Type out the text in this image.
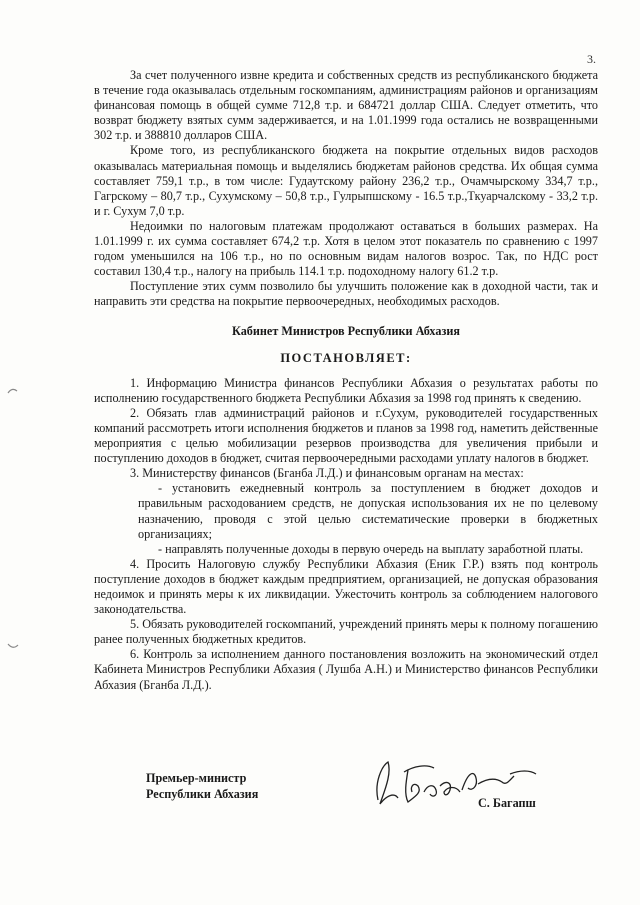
3.

За счет полученного извне кредита и собственных средств из республиканского бюджета в течение года оказывалась отдельным госкомпаниям, администрациям районов и организациям финансовая помощь в общей сумме 712,8 т.р. и 684721 доллар США. Следует отметить, что возврат бюджету взятых сумм задерживается, и на 1.01.1999 года остались не возвращенными 302 т.р. и 388810 долларов США.

Кроме того, из республиканского бюджета на покрытие отдельных видов расходов оказывалась материальная помощь и выделялись бюджетам районов средства. Их общая сумма составляет 759,1 т.р., в том числе: Гудаутскому району 236,2 т.р., Очамчырскому 334,7 т.р., Гагрскому – 80,7 т.р., Сухумскому – 50,8 т.р., Гулрыпшскому - 16.5 т.р.,Ткуарчалскому - 33,2 т.р. и г. Сухум 7,0 т.р.

Недоимки по налоговым платежам продолжают оставаться в больших размерах. На 1.01.1999 г. их сумма составляет 674,2 т.р. Хотя в целом этот показатель по сравнению с 1997 годом уменьшился на 106 т.р., но по основным видам налогов возрос. Так, по НДС рост составил 130,4 т.р., налогу на прибыль 114.1 т.р. подоходному налогу 61.2 т.р.

Поступление этих сумм позволило бы улучшить положение как в доходной части, так и направить эти средства на покрытие первоочередных, необходимых расходов.

Кабинет Министров Республики Абхазия

ПОСТАНОВЛЯЕТ:

1. Информацию Министра финансов Республики Абхазия о результатах работы по исполнению государственного бюджета Республики Абхазия за 1998 год принять к сведению.

2. Обязать глав администраций районов и г.Сухум, руководителей государственных компаний рассмотреть итоги исполнения бюджетов и планов за 1998 год, наметить действенные мероприятия с целью мобилизации резервов производства для увеличения прибыли и поступлению доходов в бюджет, считая первоочередными расходами уплату налогов в бюджет.

3. Министерству финансов (Бганба Л.Д.) и финансовым органам на местах:

- установить ежедневный контроль за поступлением в бюджет доходов и правильным расходованием средств, не допуская использования их не по целевому назначению, проводя с этой целью систематические проверки в бюджетных организациях;

- направлять полученные доходы в первую очередь на выплату заработной платы.

4. Просить Налоговую службу Республики Абхазия (Еник Г.Р.) взять под контроль поступление доходов в бюджет каждым предприятием, организацией, не допуская образования недоимок и принять меры к их ликвидации. Ужесточить контроль за соблюдением налогового законодательства.

5. Обязать руководителей госкомпаний, учреждений принять меры к полному погашению ранее полученных бюджетных кредитов.

6. Контроль за исполнением данного постановления возложить на экономический отдел Кабинета Министров Республики Абхазия ( Лушба А.Н.) и Министерство финансов Республики Абхазия (Бганба Л.Д.).

Премьер-министр
Республики Абхазия
С. Багапш
